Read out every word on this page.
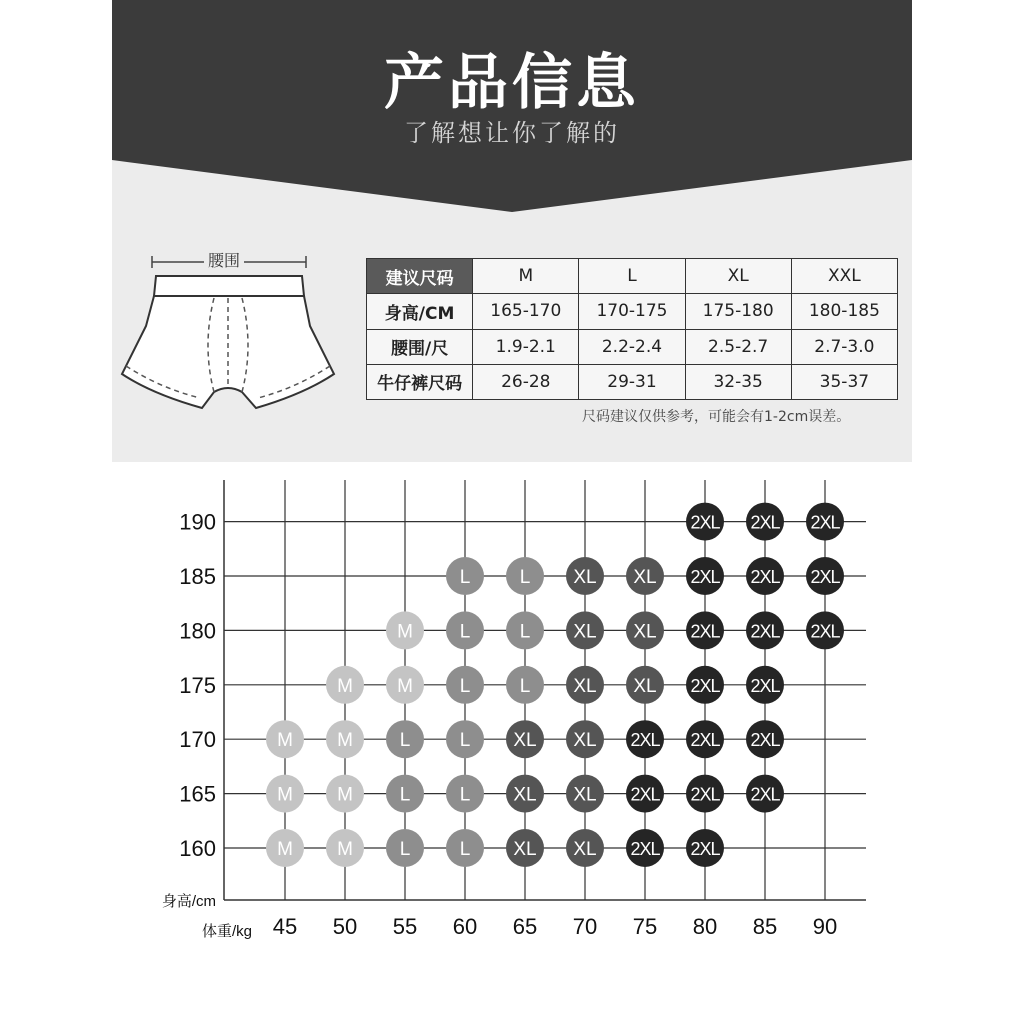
产品信息
了解想让你了解的
腰围
建议尺码	M	L	XL	XXL
身高/CM	165-170	170-175	175-180	180-185
腰围/尺	1.9-2.1	2.2-2.4	2.5-2.7	2.7-3.0
牛仔裤尺码	26-28	29-31	32-35	35-37
尺码建议仅供参考，可能会有1-2cm误差。
45 50 55 60 65 70 75 80 85 90
160
165
170
175
180
185
190
身高/cm
体重/kg
2XL 2XL 2XL
L	L XL XL 2XL 2XL 2XL
M L	L XL XL 2XL 2XL 2XL
M M L	L XL XL 2XL 2XL
M M L	L XL XL 2XL 2XL 2XL
M M L	L XL XL 2XL 2XL 2XL
M M L	L XL XL 2XL 2XL
